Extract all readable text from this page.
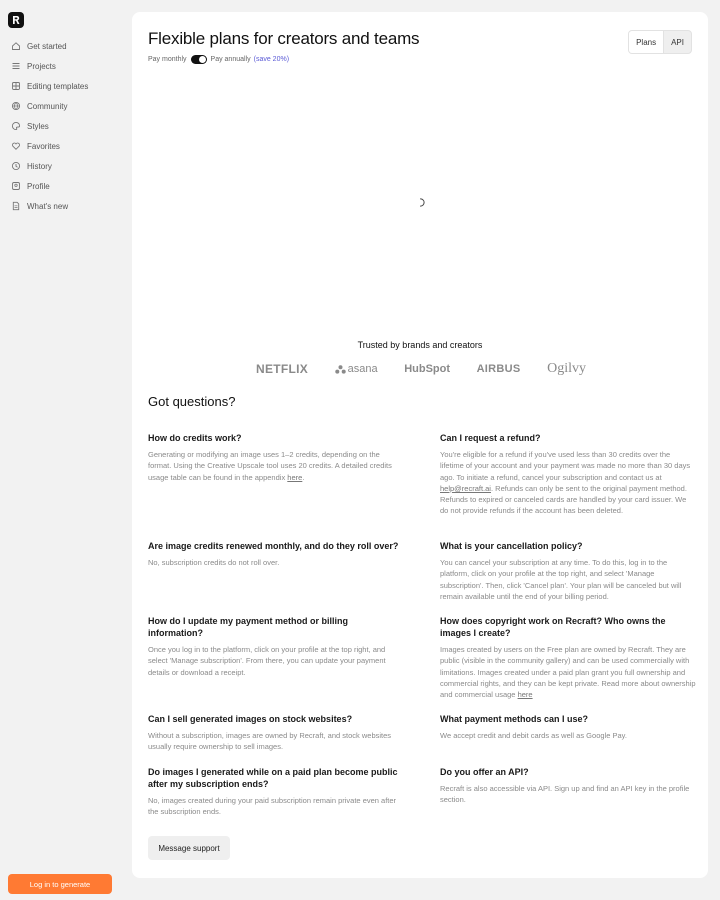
Get started
Projects
Editing templates
Community
Styles
Favorites
History
Profile
What's new
Log in to generate
Flexible plans for creators and teams
Pay monthly	Pay annually (save 20%)
Plans	API
Trusted by brands and creators
NETFLIX	asana HubSpot AIRBUS Ogilvy
Got questions?
How do credits work?
Generating or modifying an image uses 1–2 credits, depending on the format. Using the Creative Upscale tool uses 20 credits. A detailed credits usage table can be found in the appendix here.
Can I request a refund?
You're eligible for a refund if you've used less than 30 credits over the lifetime of your account and your payment was made no more than 30 days ago. To initiate a refund, cancel your subscription and contact us at help@recraft.ai. Refunds can only be sent to the original payment method. Refunds to expired or canceled cards are handled by your card issuer. We do not provide refunds if the account has been deleted.
Are image credits renewed monthly, and do they roll over?
No, subscription credits do not roll over.
What is your cancellation policy?
You can cancel your subscription at any time. To do this, log in to the platform, click on your profile at the top right, and select 'Manage subscription'. Then, click 'Cancel plan'. Your plan will be canceled but will remain available until the end of your billing period.
How do I update my payment method or billing information?
Once you log in to the platform, click on your profile at the top right, and select 'Manage subscription'. From there, you can update your payment details or download a receipt.
How does copyright work on Recraft? Who owns the images I create?
Images created by users on the Free plan are owned by Recraft. They are public (visible in the community gallery) and can be used commercially with limitations. Images created under a paid plan grant you full ownership and commercial rights, and they can be kept private. Read more about ownership and commercial usage here
Can I sell generated images on stock websites?
Without a subscription, images are owned by Recraft, and stock websites usually require ownership to sell images.
What payment methods can I use?
We accept credit and debit cards as well as Google Pay.
Do images I generated while on a paid plan become public after my subscription ends?
No, images created during your paid subscription remain private even after the subscription ends.
Do you offer an API?
Recraft is also accessible via API. Sign up and find an API key in the profile section.
Message support
